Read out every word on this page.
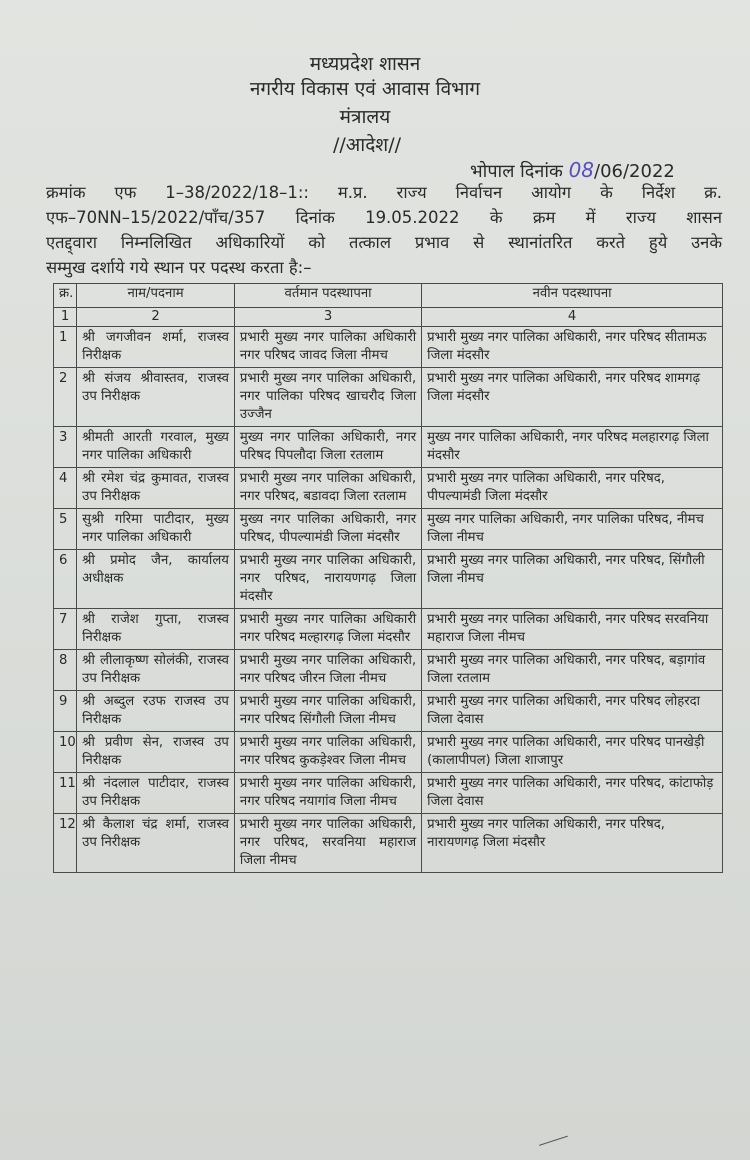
मध्यप्रदेश शासन
नगरीय विकास एवं आवास विभाग
मंत्रालय
//आदेश//
भोपाल दिनांक 08/06/2022
क्रमांक एफ 1–38/2022/18–1:: म.प्र. राज्य निर्वाचन आयोग के निर्देश क्र.
एफ–70NN–15/2022/पाँच/357 दिनांक 19.05.2022 के क्रम में राज्य शासन
एतद्द्वारा निम्नलिखित अधिकारियों को तत्काल प्रभाव से स्थानांतरित करते हुये उनके
सम्मुख दर्शाये गये स्थान पर पदस्थ करता है:–
क्र.	नाम/पदनाम	वर्तमान पदस्थापना	नवीन पदस्थापना
1	2	3	4
1	श्री जगजीवन शर्मा, राजस्व निरीक्षक	प्रभारी मुख्य नगर पालिका अधिकारी नगर परिषद जावद जिला नीमच	प्रभारी मुख्य नगर पालिका अधिकारी, नगर परिषद सीतामऊ जिला मंदसौर
2	श्री संजय श्रीवास्तव, राजस्व उप निरीक्षक	प्रभारी मुख्य नगर पालिका अधिकारी, नगर पालिका परिषद खाचरौद जिला उज्जैन	प्रभारी मुख्य नगर पालिका अधिकारी, नगर परिषद शामगढ़ जिला मंदसौर
3	श्रीमती आरती गरवाल, मुख्य नगर पालिका अधिकारी	मुख्य नगर पालिका अधिकारी, नगर परिषद पिपलौदा जिला रतलाम	मुख्य नगर पालिका अधिकारी, नगर परिषद मलहारगढ़ जिला मंदसौर
4	श्री रमेश चंद्र कुमावत, राजस्व उप निरीक्षक	प्रभारी मुख्य नगर पालिका अधिकारी, नगर परिषद, बडावदा जिला रतलाम	प्रभारी मुख्य नगर पालिका अधिकारी, नगर परिषद, पीपल्यामंडी जिला मंदसौर
5	सुश्री गरिमा पाटीदार, मुख्य नगर पालिका अधिकारी	मुख्य नगर पालिका अधिकारी, नगर परिषद, पीपल्यामंडी जिला मंदसौर	मुख्य नगर पालिका अधिकारी, नगर पालिका परिषद, नीमच जिला नीमच
6	श्री प्रमोद जैन, कार्यालय अधीक्षक	प्रभारी मुख्य नगर पालिका अधिकारी, नगर परिषद, नारायणगढ़ जिला मंदसौर	प्रभारी मुख्य नगर पालिका अधिकारी, नगर परिषद, सिंगौली जिला नीमच
7	श्री राजेश गुप्ता, राजस्व निरीक्षक	प्रभारी मुख्य नगर पालिका अधिकारी नगर परिषद मल्हारगढ़ जिला मंदसौर	प्रभारी मुख्य नगर पालिका अधिकारी, नगर परिषद सरवनिया महाराज जिला नीमच
8	श्री लीलाकृष्ण सोलंकी, राजस्व उप निरीक्षक	प्रभारी मुख्य नगर पालिका अधिकारी, नगर परिषद जीरन जिला नीमच	प्रभारी मुख्य नगर पालिका अधिकारी, नगर परिषद, बड़ागांव जिला रतलाम
9	श्री अब्दुल रउफ राजस्व उप निरीक्षक	प्रभारी मुख्य नगर पालिका अधिकारी, नगर परिषद सिंगौली जिला नीमच	प्रभारी मुख्य नगर पालिका अधिकारी, नगर परिषद लोहरदा जिला देवास
10	श्री प्रवीण सेन, राजस्व उप निरीक्षक	प्रभारी मुख्य नगर पालिका अधिकारी, नगर परिषद कुकड़ेश्वर जिला नीमच	प्रभारी मुख्य नगर पालिका अधिकारी, नगर परिषद पानखेड़ी (कालापीपल) जिला शाजापुर
11	श्री नंदलाल पाटीदार, राजस्व उप निरीक्षक	प्रभारी मुख्य नगर पालिका अधिकारी, नगर परिषद नयागांव जिला नीमच	प्रभारी मुख्य नगर पालिका अधिकारी, नगर परिषद, कांटाफोड़ जिला देवास
12	श्री कैलाश चंद्र शर्मा, राजस्व उप निरीक्षक	प्रभारी मुख्य नगर पालिका अधिकारी, नगर परिषद, सरवनिया महाराज जिला नीमच	प्रभारी मुख्य नगर पालिका अधिकारी, नगर परिषद, नारायणगढ़ जिला मंदसौर
